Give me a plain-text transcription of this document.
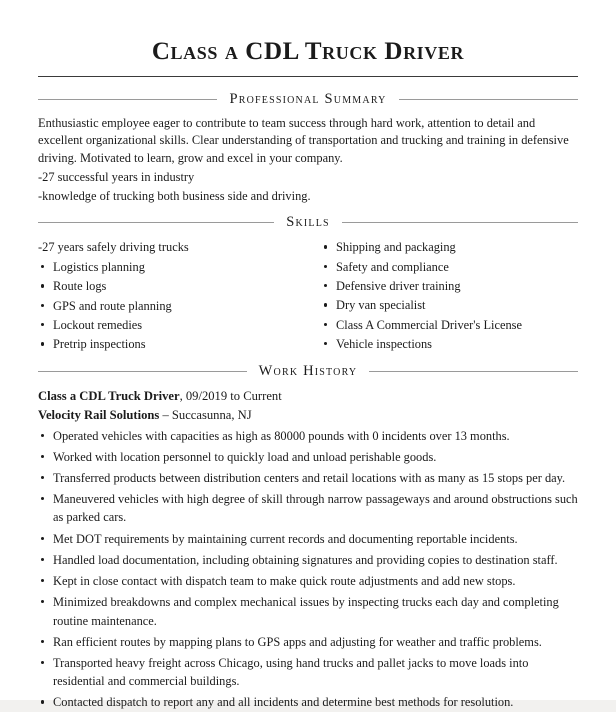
Class a CDL Truck Driver
Professional Summary

Enthusiastic employee eager to contribute to team success through hard work, attention to detail and excellent organizational skills. Clear understanding of transportation and trucking and training in defensive driving. Motivated to learn, grow and excel in your company.

-27 successful years in industry

-knowledge of trucking both business side and driving.

Skills
-27 years safely driving trucks
Logistics planning
Route logs
GPS and route planning
Lockout remedies
Pretrip inspections
Shipping and packaging
Safety and compliance
Defensive driver training
Dry van specialist
Class A Commercial Driver's License
Vehicle inspections
Work History
Class a CDL Truck Driver, 09/2019 to Current
Velocity Rail Solutions – Succasunna, NJ
Operated vehicles with capacities as high as 80000 pounds with 0 incidents over 13 months.
Worked with location personnel to quickly load and unload perishable goods.
Transferred products between distribution centers and retail locations with as many as 15 stops per day.
Maneuvered vehicles with high degree of skill through narrow passageways and around obstructions such as parked cars.
Met DOT requirements by maintaining current records and documenting reportable incidents.
Handled load documentation, including obtaining signatures and providing copies to destination staff.
Kept in close contact with dispatch team to make quick route adjustments and add new stops.
Minimized breakdowns and complex mechanical issues by inspecting trucks each day and completing routine maintenance.
Ran efficient routes by mapping plans to GPS apps and adjusting for weather and traffic problems.
Transported heavy freight across Chicago, using hand trucks and pallet jacks to move loads into residential and commercial buildings.
Contacted dispatch to report any and all incidents and determine best methods for resolution.
